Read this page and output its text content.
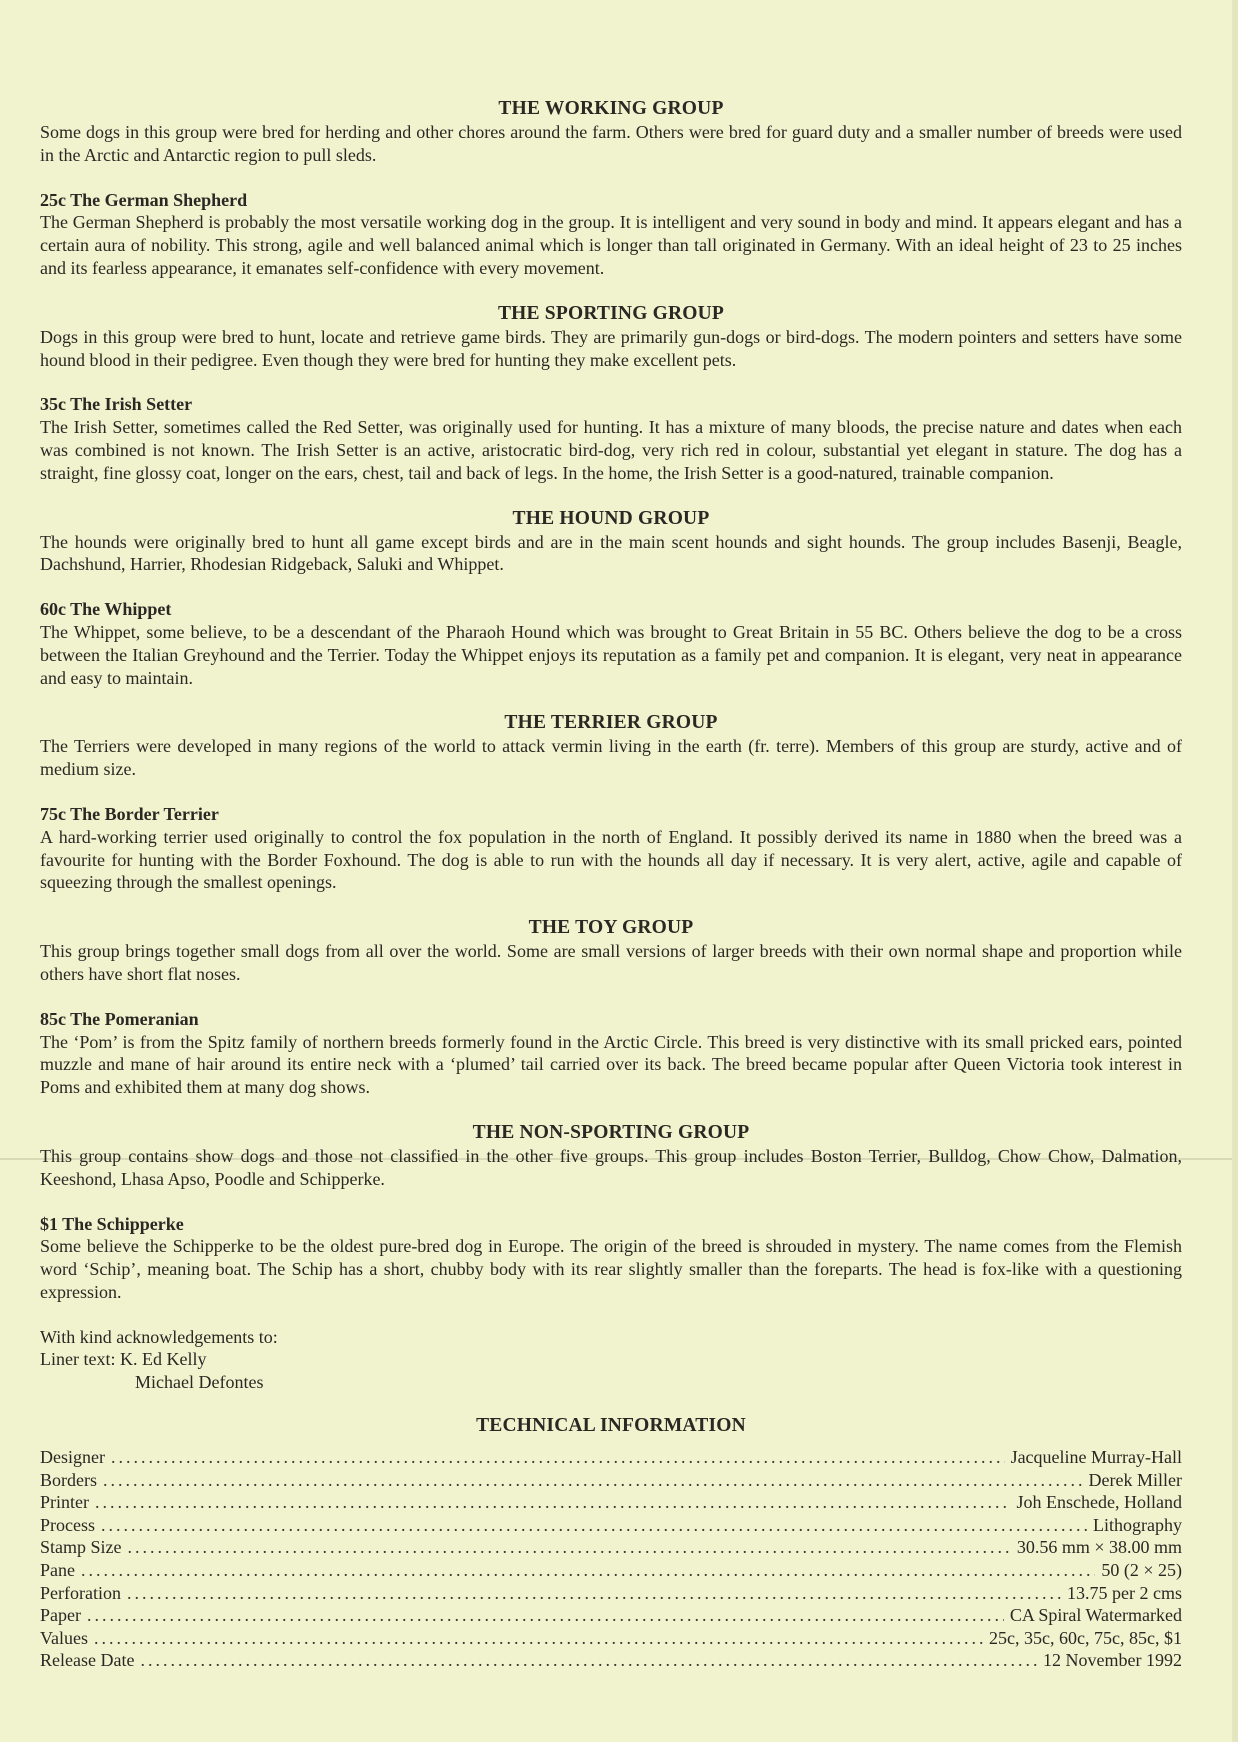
THE WORKING GROUP

Some dogs in this group were bred for herding and other chores around the farm. Others were bred for guard duty and a smaller number of breeds were used in the Arctic and Antarctic region to pull sleds.

25c The German Shepherd

The German Shepherd is probably the most versatile working dog in the group. It is intelligent and very sound in body and mind. It appears elegant and has a certain aura of nobility. This strong, agile and well balanced animal which is longer than tall originated in Germany. With an ideal height of 23 to 25 inches and its fearless appearance, it emanates self-confidence with every movement.

THE SPORTING GROUP

Dogs in this group were bred to hunt, locate and retrieve game birds. They are primarily gun-dogs or bird-dogs. The modern pointers and setters have some hound blood in their pedigree. Even though they were bred for hunting they make excellent pets.

35c The Irish Setter

The Irish Setter, sometimes called the Red Setter, was originally used for hunting. It has a mixture of many bloods, the precise nature and dates when each was combined is not known. The Irish Setter is an active, aristocratic bird-dog, very rich red in colour, substantial yet elegant in stature. The dog has a straight, fine glossy coat, longer on the ears, chest, tail and back of legs. In the home, the Irish Setter is a good-natured, trainable companion.

THE HOUND GROUP

The hounds were originally bred to hunt all game except birds and are in the main scent hounds and sight hounds. The group includes Basenji, Beagle, Dachshund, Harrier, Rhodesian Ridgeback, Saluki and Whippet.

60c The Whippet

The Whippet, some believe, to be a descendant of the Pharaoh Hound which was brought to Great Britain in 55 BC. Others believe the dog to be a cross between the Italian Greyhound and the Terrier. Today the Whippet enjoys its reputation as a family pet and companion. It is elegant, very neat in appearance and easy to maintain.

THE TERRIER GROUP

The Terriers were developed in many regions of the world to attack vermin living in the earth (fr. terre). Members of this group are sturdy, active and of medium size.

75c The Border Terrier

A hard-working terrier used originally to control the fox population in the north of England. It possibly derived its name in 1880 when the breed was a favourite for hunting with the Border Foxhound. The dog is able to run with the hounds all day if necessary. It is very alert, active, agile and capable of squeezing through the smallest openings.

THE TOY GROUP

This group brings together small dogs from all over the world. Some are small versions of larger breeds with their own normal shape and proportion while others have short flat noses.

85c The Pomeranian

The ‘Pom’ is from the Spitz family of northern breeds formerly found in the Arctic Circle. This breed is very distinctive with its small pricked ears, pointed muzzle and mane of hair around its entire neck with a ‘plumed’ tail carried over its back. The breed became popular after Queen Victoria took interest in Poms and exhibited them at many dog shows.

THE NON-SPORTING GROUP

This group contains show dogs and those not classified in the other five groups. This group includes Boston Terrier, Bulldog, Chow Chow, Dalmation, Keeshond, Lhasa Apso, Poodle and Schipperke.

$1 The Schipperke

Some believe the Schipperke to be the oldest pure-bred dog in Europe. The origin of the breed is shrouded in mystery. The name comes from the Flemish word ‘Schip’, meaning boat. The Schip has a short, chubby body with its rear slightly smaller than the foreparts. The head is fox-like with a questioning expression.

With kind acknowledgements to:
Liner text: K. Ed Kelly
Michael Defontes
TECHNICAL INFORMATION
Designer .....	Jacqueline Murray-Hall
Borders .....	Derek Miller
Printer .....	Joh Enschede, Holland
Process .....	Lithography
Stamp Size .....	30.56 mm × 38.00 mm
Pane .....	50 (2 × 25)
Perforation .....	13.75 per 2 cms
Paper .....	CA Spiral Watermarked
Values .....	25c, 35c, 60c, 75c, 85c, $1
Release Date .....	12 November 1992
